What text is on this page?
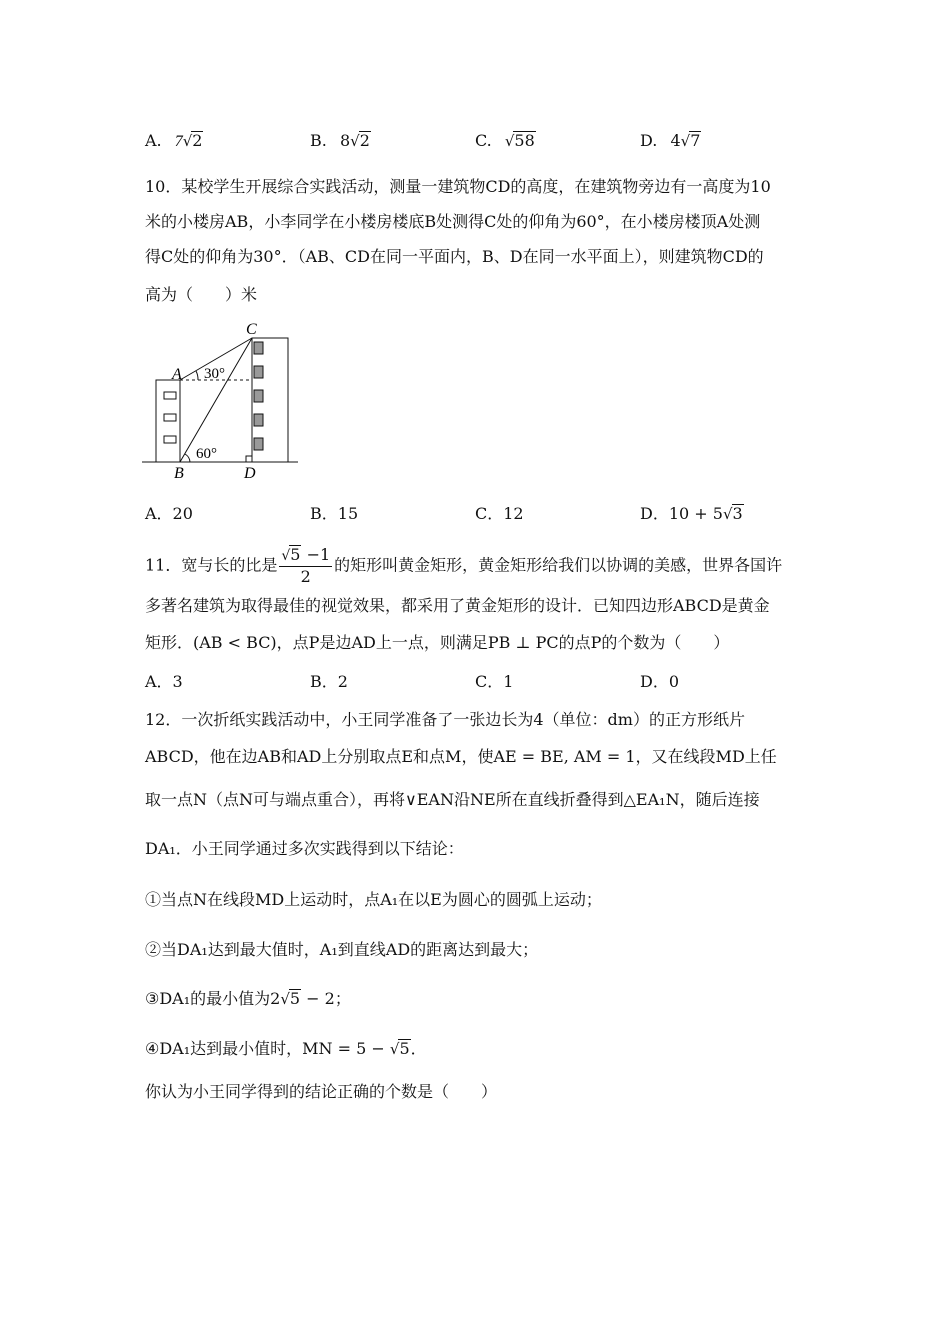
A. 7√2	B. 8√2	C. √58	D. 4√7
10．某校学生开展综合实践活动，测量一建筑物CD的高度，在建筑物旁边有一高度为10
米的小楼房AB，小李同学在小楼房楼底B处测得C处的仰角为60°，在小楼房楼顶A处测
得C处的仰角为30°．（AB、CD在同一平面内，B、D在同一水平面上），则建筑物CD的
高为（　　）米
C
A
B	D
30°
60°
A．20	B．15	C．12	D．10 + 5√3
11．宽与长的比是 $\frac{√5 -1}{2}$ 的矩形叫黄金矩形，黄金矩形给我们以协调的美感，世界各国许
多著名建筑为取得最佳的视觉效果，都采用了黄金矩形的设计．已知四边形ABCD是黄金
矩形．(AB < BC)，点P是边AD上一点，则满足PB ⊥ PC的点P的个数为（　　）
A．3	B．2	C．1	D．0
12．一次折纸实践活动中，小王同学准备了一张边长为4（单位：dm）的正方形纸片
ABCD，他在边AB和AD上分别取点E和点M，使AE = BE, AM = 1，又在线段MD上任
取一点N（点N可与端点重合），再将∨EAN沿NE所在直线折叠得到△EA₁N，随后连接
DA₁．小王同学通过多次实践得到以下结论：
①当点N在线段MD上运动时，点A₁在以E为圆心的圆弧上运动；
②当DA₁达到最大值时，A₁到直线AD的距离达到最大；
③DA₁的最小值为2√5 − 2；
④DA₁达到最小值时，MN = 5 − √5．
你认为小王同学得到的结论正确的个数是（　　）
